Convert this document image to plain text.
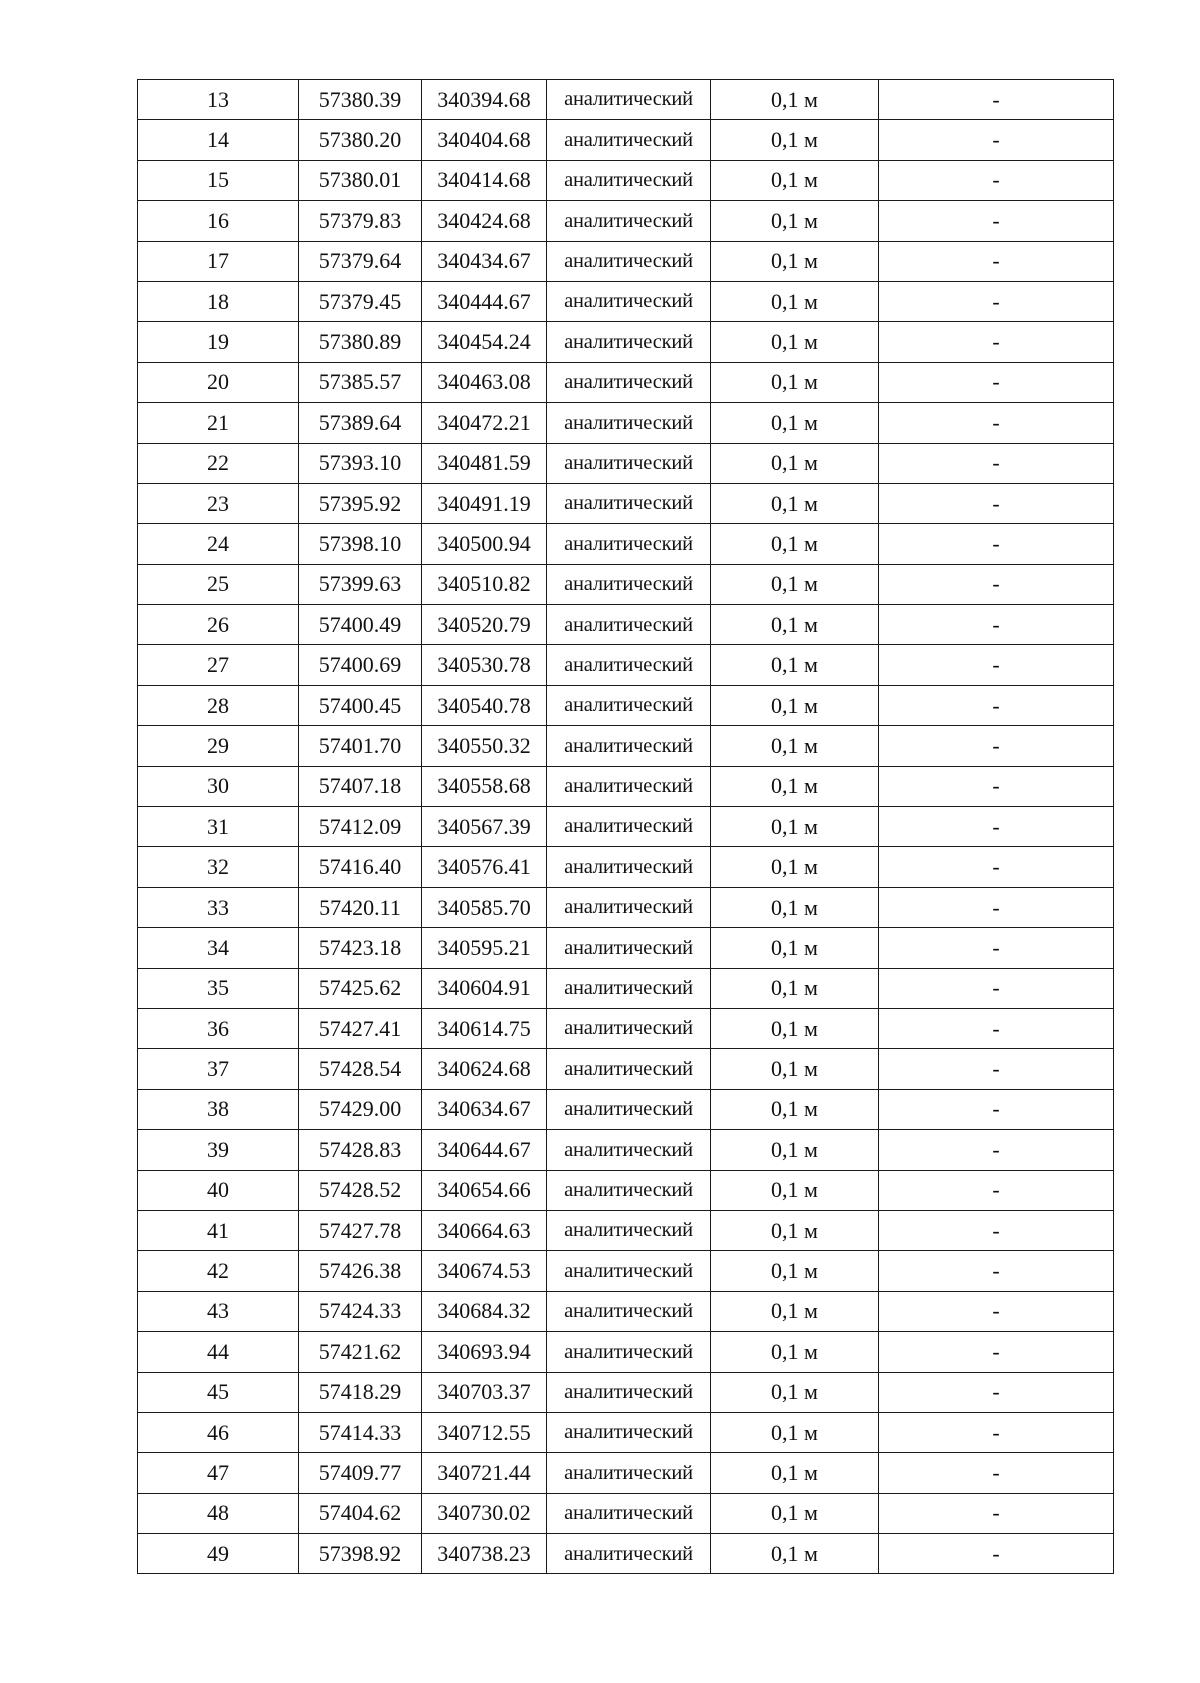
13	57380.39	340394.68	аналитический	0,1 м	-
14	57380.20	340404.68	аналитический	0,1 м	-
15	57380.01	340414.68	аналитический	0,1 м	-
16	57379.83	340424.68	аналитический	0,1 м	-
17	57379.64	340434.67	аналитический	0,1 м	-
18	57379.45	340444.67	аналитический	0,1 м	-
19	57380.89	340454.24	аналитический	0,1 м	-
20	57385.57	340463.08	аналитический	0,1 м	-
21	57389.64	340472.21	аналитический	0,1 м	-
22	57393.10	340481.59	аналитический	0,1 м	-
23	57395.92	340491.19	аналитический	0,1 м	-
24	57398.10	340500.94	аналитический	0,1 м	-
25	57399.63	340510.82	аналитический	0,1 м	-
26	57400.49	340520.79	аналитический	0,1 м	-
27	57400.69	340530.78	аналитический	0,1 м	-
28	57400.45	340540.78	аналитический	0,1 м	-
29	57401.70	340550.32	аналитический	0,1 м	-
30	57407.18	340558.68	аналитический	0,1 м	-
31	57412.09	340567.39	аналитический	0,1 м	-
32	57416.40	340576.41	аналитический	0,1 м	-
33	57420.11	340585.70	аналитический	0,1 м	-
34	57423.18	340595.21	аналитический	0,1 м	-
35	57425.62	340604.91	аналитический	0,1 м	-
36	57427.41	340614.75	аналитический	0,1 м	-
37	57428.54	340624.68	аналитический	0,1 м	-
38	57429.00	340634.67	аналитический	0,1 м	-
39	57428.83	340644.67	аналитический	0,1 м	-
40	57428.52	340654.66	аналитический	0,1 м	-
41	57427.78	340664.63	аналитический	0,1 м	-
42	57426.38	340674.53	аналитический	0,1 м	-
43	57424.33	340684.32	аналитический	0,1 м	-
44	57421.62	340693.94	аналитический	0,1 м	-
45	57418.29	340703.37	аналитический	0,1 м	-
46	57414.33	340712.55	аналитический	0,1 м	-
47	57409.77	340721.44	аналитический	0,1 м	-
48	57404.62	340730.02	аналитический	0,1 м	-
49	57398.92	340738.23	аналитический	0,1 м	-
